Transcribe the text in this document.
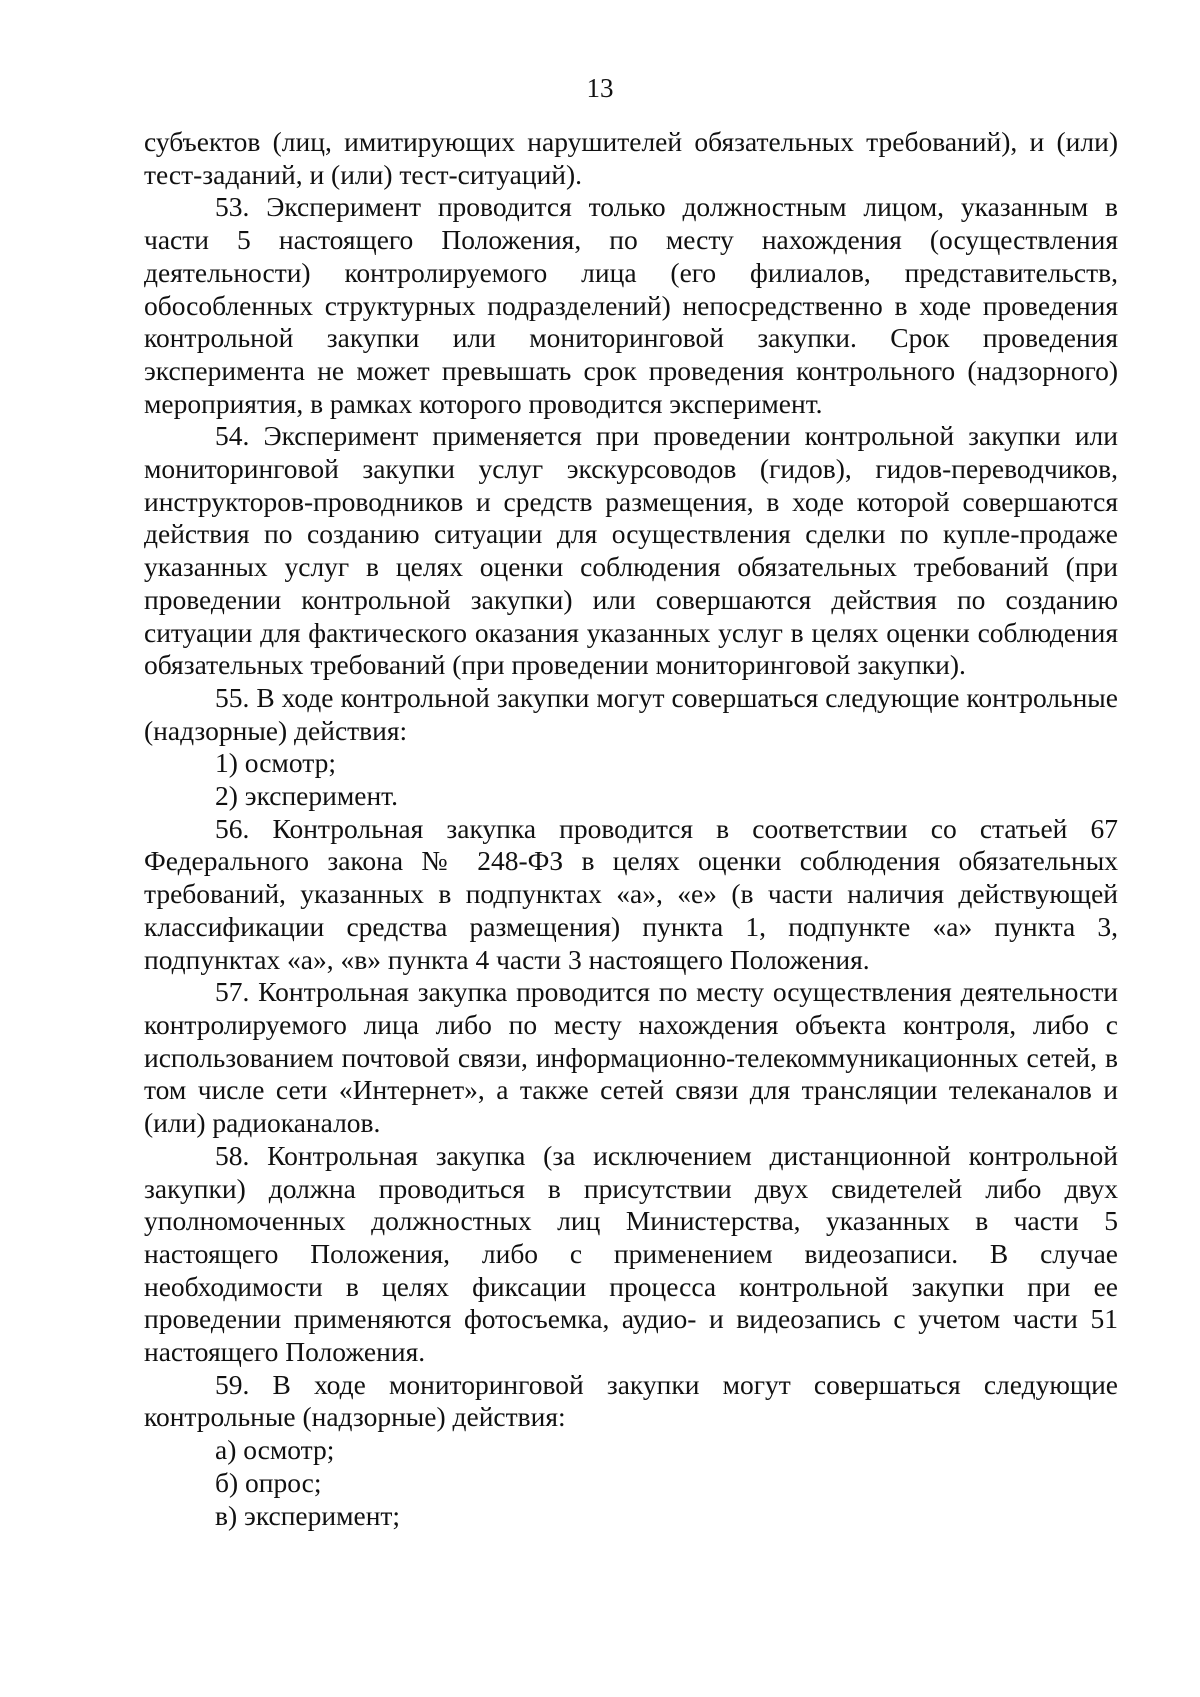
13

субъектов (лиц, имитирующих нарушителей обязательных требований), и (или) тест-заданий, и (или) тест-ситуаций).

53. Эксперимент проводится только должностным лицом, указанным в части 5 настоящего Положения, по месту нахождения (осуществления деятельности) контролируемого лица (его филиалов, представительств, обособленных структурных подразделений) непосредственно в ходе проведения контрольной закупки или мониторинговой закупки. Срок проведения эксперимента не может превышать срок проведения контрольного (надзорного) мероприятия, в рамках которого проводится эксперимент.

54. Эксперимент применяется при проведении контрольной закупки или мониторинговой закупки услуг экскурсоводов (гидов), гидов-переводчиков, инструкторов-проводников и средств размещения, в ходе которой совершаются действия по созданию ситуации для осуществления сделки по купле-продаже указанных услуг в целях оценки соблюдения обязательных требований (при проведении контрольной закупки) или совершаются действия по созданию ситуации для фактического оказания указанных услуг в целях оценки соблюдения обязательных требований (при проведении мониторинговой закупки).

55. В ходе контрольной закупки могут совершаться следующие контрольные (надзорные) действия:

1) осмотр;

2) эксперимент.

56. Контрольная закупка проводится в соответствии со статьей 67 Федерального закона № 248-ФЗ в целях оценки соблюдения обязательных требований, указанных в подпунктах «а», «е» (в части наличия действующей классификации средства размещения) пункта 1, подпункте «а» пункта 3, подпунктах «а», «в» пункта 4 части 3 настоящего Положения.

57. Контрольная закупка проводится по месту осуществления деятельности контролируемого лица либо по месту нахождения объекта контроля, либо с использованием почтовой связи, информационно-телекоммуникационных сетей, в том числе сети «Интернет», а также сетей связи для трансляции телеканалов и (или) радиоканалов.

58. Контрольная закупка (за исключением дистанционной контрольной закупки) должна проводиться в присутствии двух свидетелей либо двух уполномоченных должностных лиц Министерства, указанных в части 5 настоящего Положения, либо с применением видеозаписи. В случае необходимости в целях фиксации процесса контрольной закупки при ее проведении применяются фотосъемка, аудио- и видеозапись с учетом части 51 настоящего Положения.

59. В ходе мониторинговой закупки могут совершаться следующие контрольные (надзорные) действия:

а) осмотр;

б) опрос;

в) эксперимент;
